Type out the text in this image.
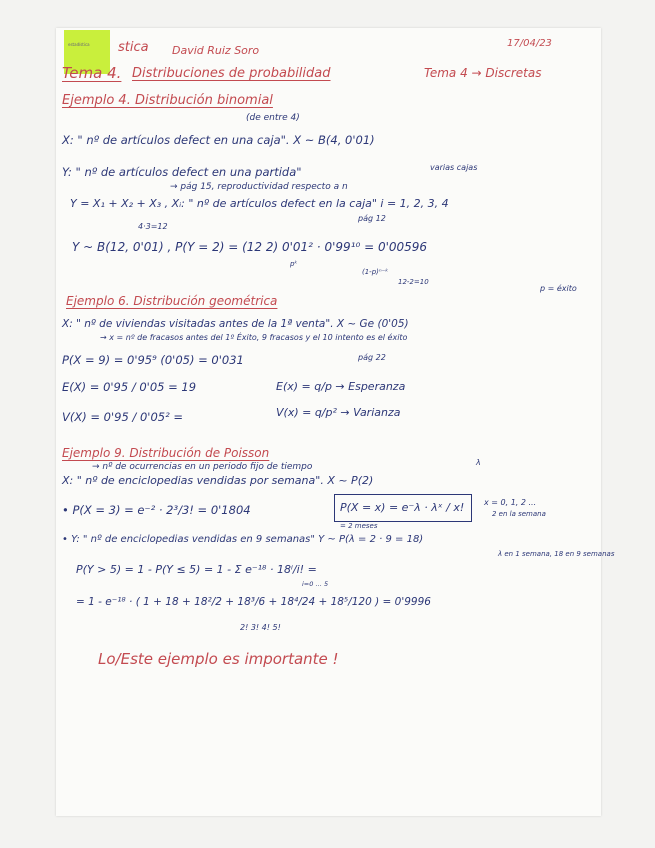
estadística	stica David Ruiz Soro
17/04/23
Tema 4. Distribuciones de probabilidad	Tema 4 → Discretas
Ejemplo 4. Distribución binomial
(de entre 4)
X: " nº de artículos defect en una caja". X ~ B(4, 0'01)
Y: " nº de artículos defect en una partida"	varias cajas
→ pág 15, reproductividad respecto a n
Y = X₁ + X₂ + X₃ , Xᵢ: " nº de artículos defect en la caja" i = 1, 2, 3, 4
4·3=12
pág 12
Y ~ B(12, 0'01) , P(Y = 2) = (12 2) 0'01² · 0'99¹⁰ = 0'00596
pᵏ
(1-p)ⁿ⁻ᵏ
12-2=10
p = éxito
Ejemplo 6. Distribución geométrica
X: " nº de viviendas visitadas antes de la 1ª venta". X ~ Ge (0'05)
→ x = nº de fracasos antes del 1º Éxito, 9 fracasos y el 10 intento es el éxito
P(X = 9) = 0'95⁹ (0'05) = 0'031	pág 22
E(X) = 0'95 / 0'05 = 19	E(x) = q/p → Esperanza
V(X) = 0'95 / 0'05² =	V(x) = q/p² → Varianza
Ejemplo 9. Distribución de Poisson
→ nº de ocurrencias en un periodo fijo de tiempo
X: " nº de enciclopedias vendidas por semana". X ~ P(2)
λ
• P(X = 3) = e⁻² · 2³/3! = 0'1804	P(X = x) = e⁻λ · λˣ / x! x = 0, 1, 2 ...
2 en la semana
= 2 meses
• Y: " nº de enciclopedias vendidas en 9 semanas" Y ~ P(λ = 2 · 9 = 18)
λ en 1 semana, 18 en 9 semanas
P(Y > 5) = 1 - P(Y ≤ 5) = 1 - Σ e⁻¹⁸ · 18ⁱ/i! =
i=0 … 5
= 1 - e⁻¹⁸ · ( 1 + 18 + 18²/2 + 18³/6 + 18⁴/24 + 18⁵/120 ) = 0'9996
2! 3! 4! 5!
Lo/Este ejemplo es importante !
